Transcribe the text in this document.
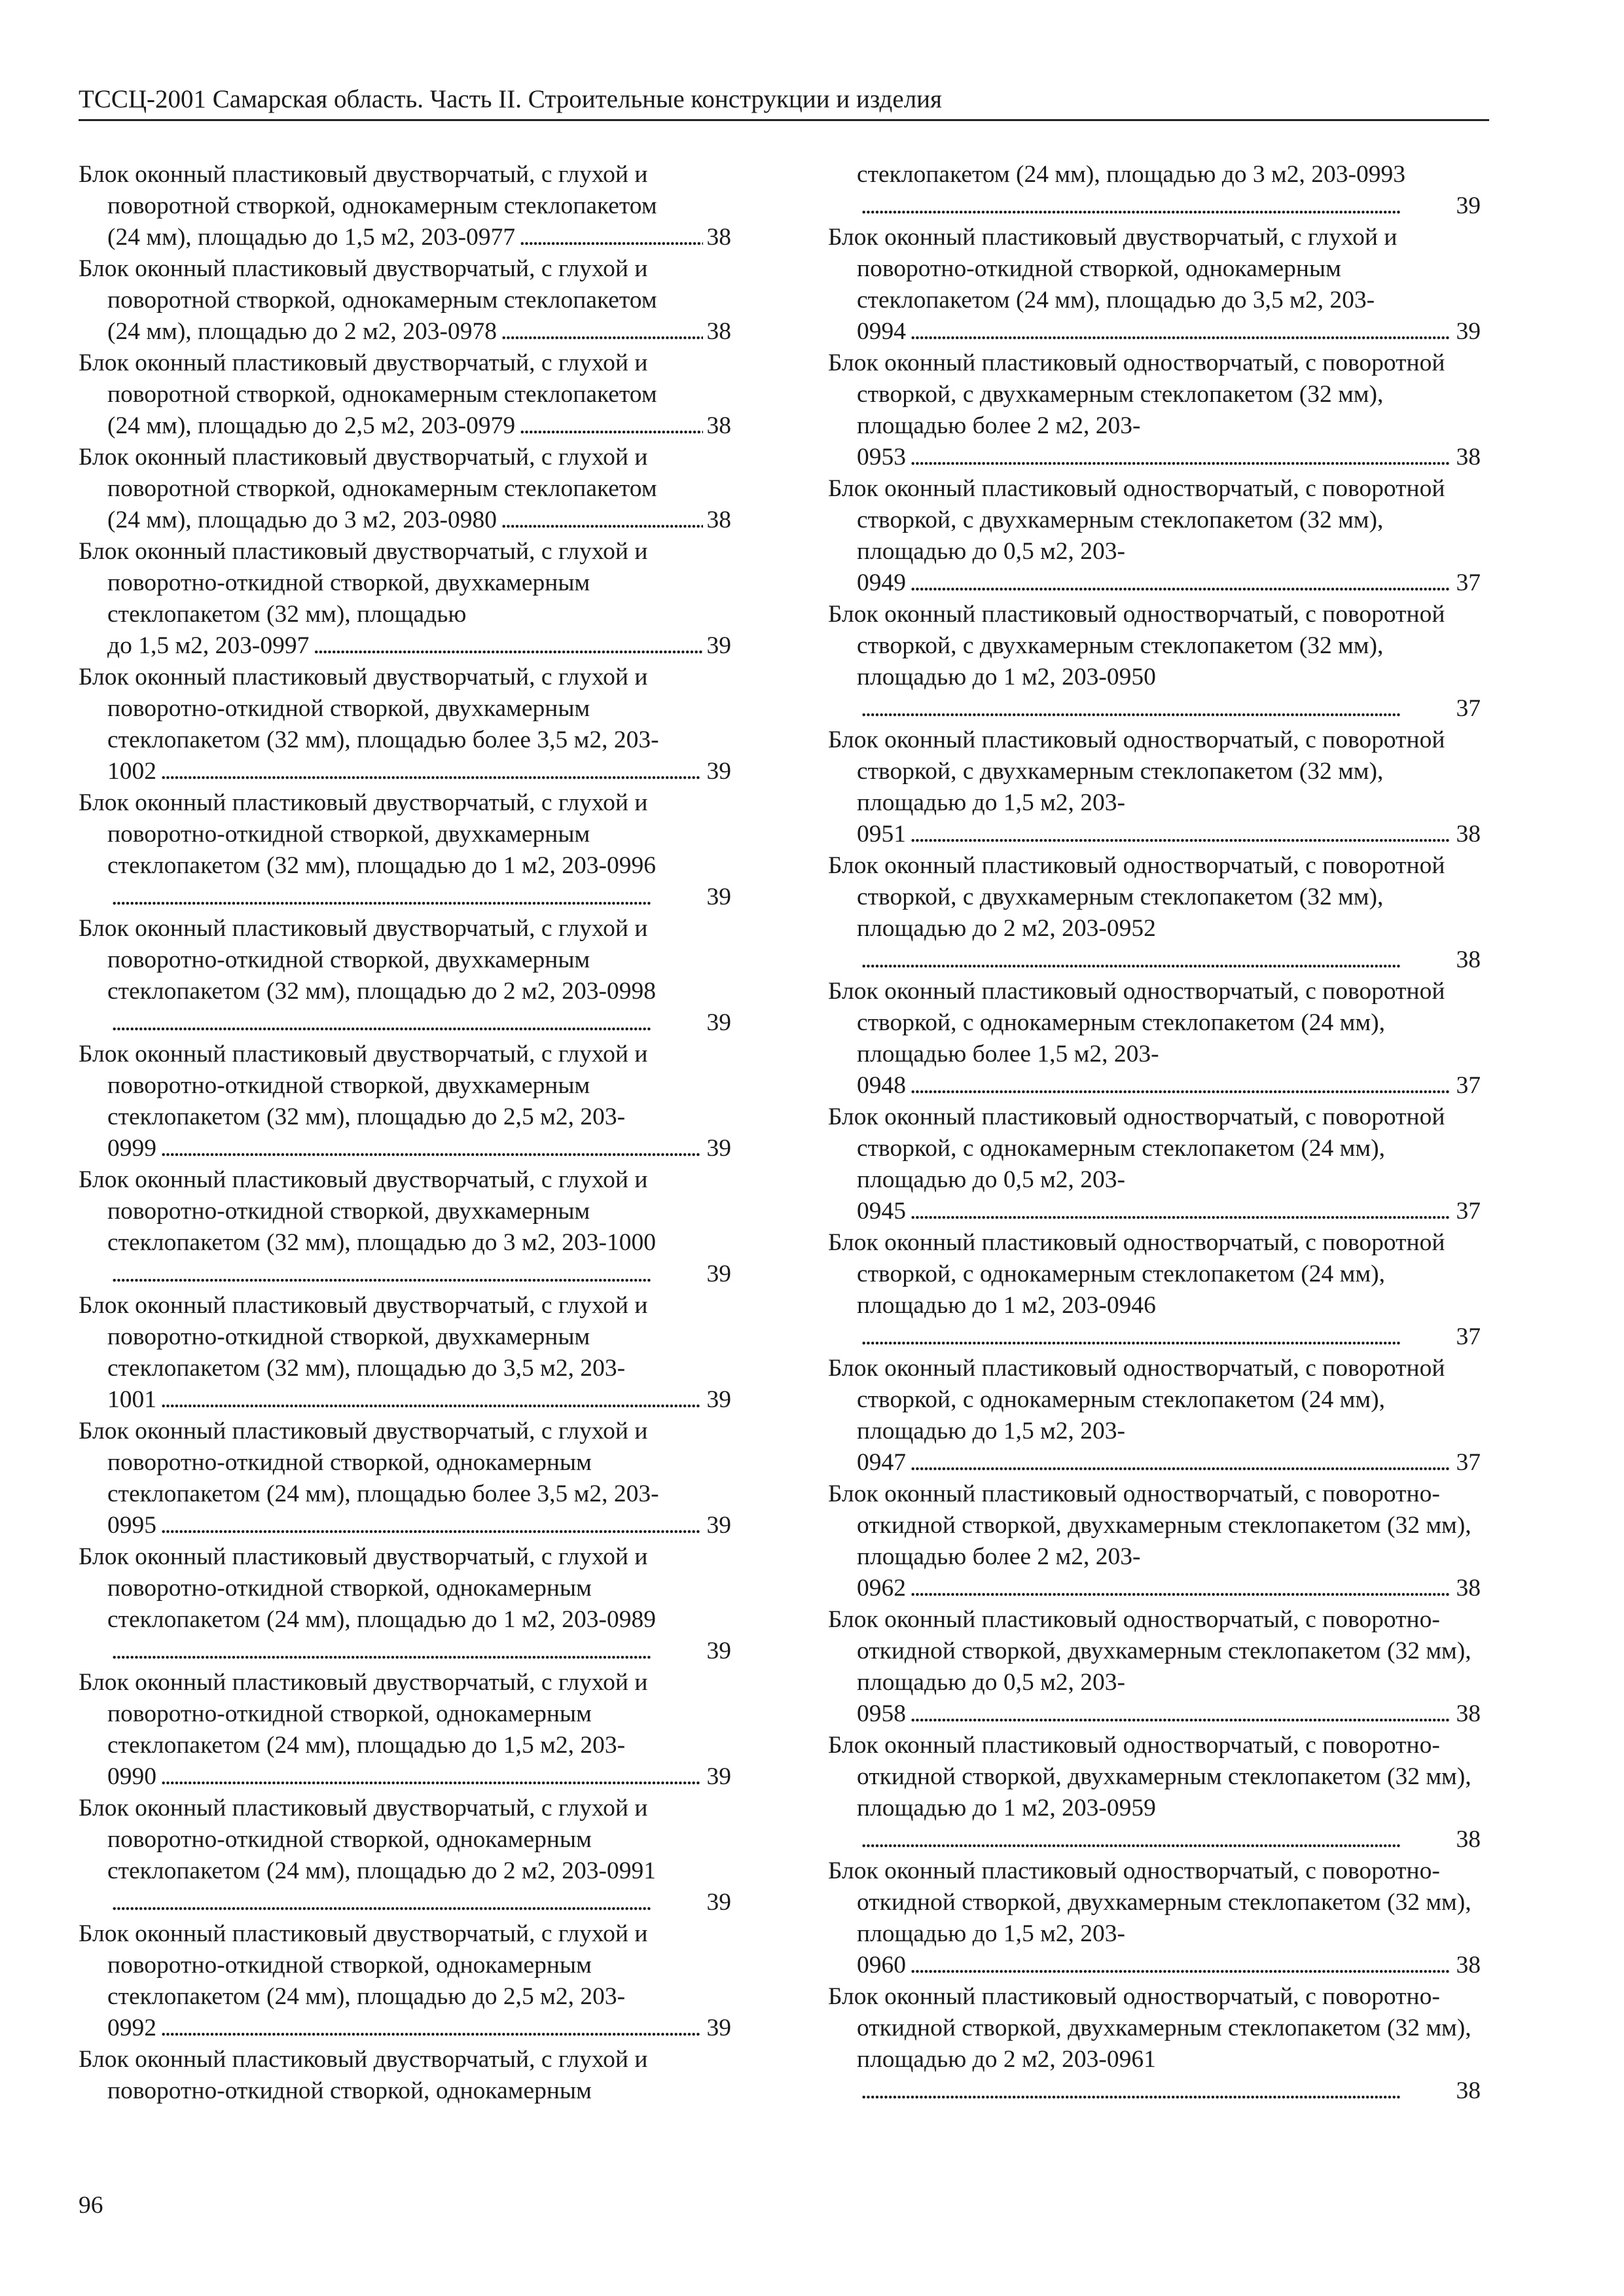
ТССЦ-2001 Самарская область. Часть II. Строительные конструкции и изделия
Блок оконный пластиковый двустворчатый, с глухой и поворотной створкой, однокамерным стеклопакетом
(24 мм), площадью до 1,5 м2, 203-0977 . . .	38
Блок оконный пластиковый двустворчатый, с глухой и поворотной створкой, однокамерным стеклопакетом
(24 мм), площадью до 2 м2, 203-0978 . . .	38
Блок оконный пластиковый двустворчатый, с глухой и поворотной створкой, однокамерным стеклопакетом
(24 мм), площадью до 2,5 м2, 203-0979 . . .	38
Блок оконный пластиковый двустворчатый, с глухой и поворотной створкой, однокамерным стеклопакетом
(24 мм), площадью до 3 м2, 203-0980 . . .	38
Блок оконный пластиковый двустворчатый, с глухой и поворотно-откидной створкой, двухкамерным стеклопакетом (32 мм), площадью
до 1,5 м2, 203-0997 . . .	39
Блок оконный пластиковый двустворчатый, с глухой и поворотно-откидной створкой, двухкамерным стеклопакетом (32 мм), площадью более 3,5 м2, 203-
1002 . . .	39
Блок оконный пластиковый двустворчатый, с глухой и поворотно-откидной створкой, двухкамерным стеклопакетом (32 мм), площадью до 1 м2, 203-0996
. . .
39
Блок оконный пластиковый двустворчатый, с глухой и поворотно-откидной створкой, двухкамерным стеклопакетом (32 мм), площадью до 2 м2, 203-0998
. . .
39
Блок оконный пластиковый двустворчатый, с глухой и поворотно-откидной створкой, двухкамерным стеклопакетом (32 мм), площадью до 2,5 м2, 203-
0999 . . .	39
Блок оконный пластиковый двустворчатый, с глухой и поворотно-откидной створкой, двухкамерным стеклопакетом (32 мм), площадью до 3 м2, 203-1000
. . .
39
Блок оконный пластиковый двустворчатый, с глухой и поворотно-откидной створкой, двухкамерным стеклопакетом (32 мм), площадью до 3,5 м2, 203-
1001 . . .	39
Блок оконный пластиковый двустворчатый, с глухой и поворотно-откидной створкой, однокамерным стеклопакетом (24 мм), площадью более 3,5 м2, 203-
0995 . . .	39
Блок оконный пластиковый двустворчатый, с глухой и поворотно-откидной створкой, однокамерным стеклопакетом (24 мм), площадью до 1 м2, 203-0989
. . .
39
Блок оконный пластиковый двустворчатый, с глухой и поворотно-откидной створкой, однокамерным стеклопакетом (24 мм), площадью до 1,5 м2, 203-
0990 . . .	39
Блок оконный пластиковый двустворчатый, с глухой и поворотно-откидной створкой, однокамерным стеклопакетом (24 мм), площадью до 2 м2, 203-0991
. . .
39
Блок оконный пластиковый двустворчатый, с глухой и поворотно-откидной створкой, однокамерным стеклопакетом (24 мм), площадью до 2,5 м2, 203-
0992 . . .	39
Блок оконный пластиковый двустворчатый, с глухой и поворотно-откидной створкой, однокамерным
стеклопакетом (24 мм), площадью до 3 м2, 203-0993
. . .
39
Блок оконный пластиковый двустворчатый, с глухой и поворотно-откидной створкой, однокамерным стеклопакетом (24 мм), площадью до 3,5 м2, 203-
0994 . . .	39
Блок оконный пластиковый одностворчатый, с поворотной створкой, с двухкамерным стеклопакетом (32 мм), площадью более 2 м2, 203-
0953 . . .	38
Блок оконный пластиковый одностворчатый, с поворотной створкой, с двухкамерным стеклопакетом (32 мм), площадью до 0,5 м2, 203-
0949 . . .	37
Блок оконный пластиковый одностворчатый, с поворотной створкой, с двухкамерным стеклопакетом (32 мм), площадью до 1 м2, 203-0950
. . .
37
Блок оконный пластиковый одностворчатый, с поворотной створкой, с двухкамерным стеклопакетом (32 мм), площадью до 1,5 м2, 203-
0951 . . .	38
Блок оконный пластиковый одностворчатый, с поворотной створкой, с двухкамерным стеклопакетом (32 мм), площадью до 2 м2, 203-0952
. . .
38
Блок оконный пластиковый одностворчатый, с поворотной створкой, с однокамерным стеклопакетом (24 мм), площадью более 1,5 м2, 203-
0948 . . .	37
Блок оконный пластиковый одностворчатый, с поворотной створкой, с однокамерным стеклопакетом (24 мм), площадью до 0,5 м2, 203-
0945 . . .	37
Блок оконный пластиковый одностворчатый, с поворотной створкой, с однокамерным стеклопакетом (24 мм), площадью до 1 м2, 203-0946
. . .
37
Блок оконный пластиковый одностворчатый, с поворотной створкой, с однокамерным стеклопакетом (24 мм), площадью до 1,5 м2, 203-
0947 . . .	37
Блок оконный пластиковый одностворчатый, с поворотно-откидной створкой, двухкамерным стеклопакетом (32 мм), площадью более 2 м2, 203-
0962 . . .	38
Блок оконный пластиковый одностворчатый, с поворотно-откидной створкой, двухкамерным стеклопакетом (32 мм), площадью до 0,5 м2, 203-
0958 . . .	38
Блок оконный пластиковый одностворчатый, с поворотно-откидной створкой, двухкамерным стеклопакетом (32 мм), площадью до 1 м2, 203-0959
. . .
38
Блок оконный пластиковый одностворчатый, с поворотно-откидной створкой, двухкамерным стеклопакетом (32 мм), площадью до 1,5 м2, 203-
0960 . . .	38
Блок оконный пластиковый одностворчатый, с поворотно-откидной створкой, двухкамерным стеклопакетом (32 мм), площадью до 2 м2, 203-0961
. . .
38
96
